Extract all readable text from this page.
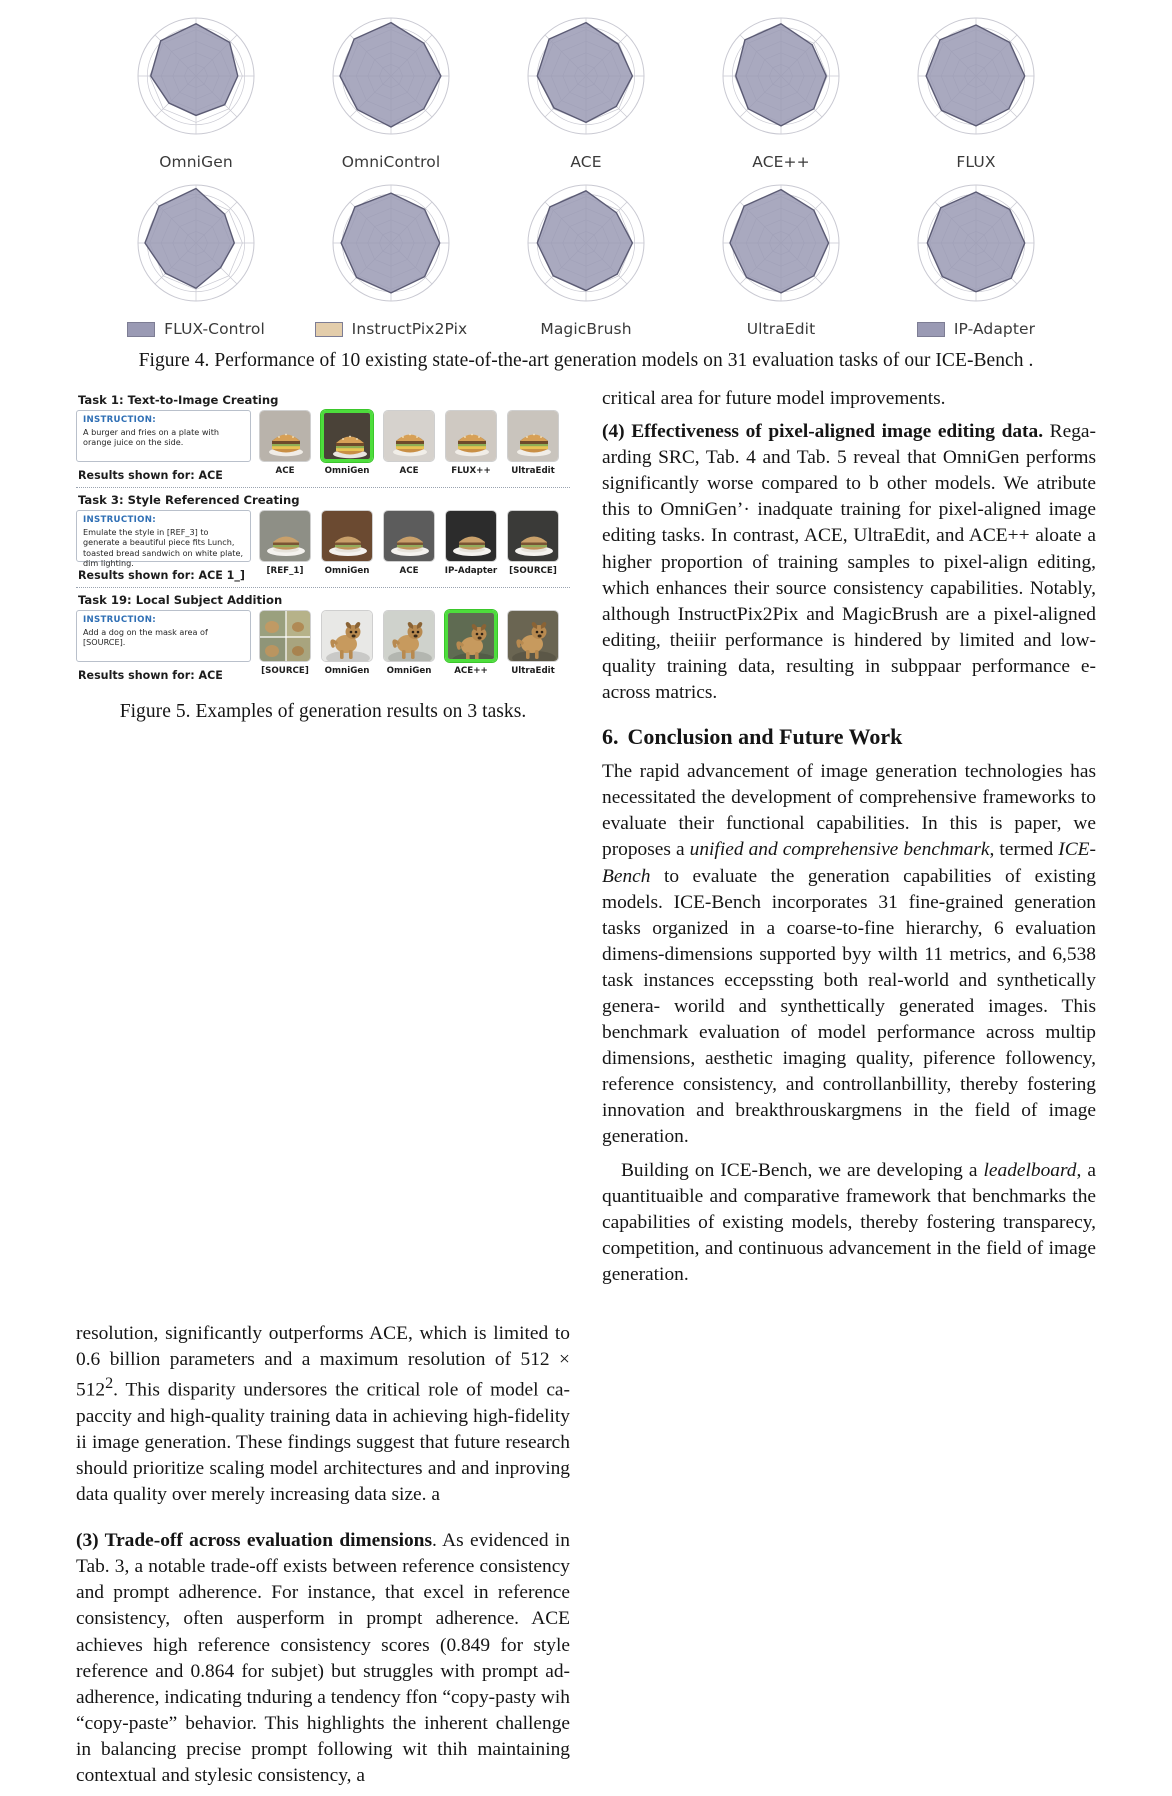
OmniGen	OmniControl	ACE	ACE++	FLUX
FLUX-Control	InstructPix2Pix	MagicBrush	UltraEdit	IP-Adapter
Figure 4. Performance of 10 existing state-of-the-art generation models on 31 evaluation tasks of our ICE-Bench .
Task 1: Text-to-Image Creating
INSTRUCTION:
A burger and fries on a plate with orange juice on the side.
Results shown for: ACE	ACE	OmniGen	ACE	FLUX++ UltraEdit
Task 3: Style Referenced Creating
INSTRUCTION:
Emulate the style in [REF_3] to generate a beautiful piece fits Lunch, toasted bread sandwich on white plate, dim lighting.
Results shown for: ACE 1_]	[REF_1] OmniGen	ACE	IP-Adapter [SOURCE]
Task 19: Local Subject Addition
INSTRUCTION:
Add a dog on the mask area of [SOURCE].
Results shown for: ACE	[SOURCE] OmniGen OmniGen	ACE++	UltraEdit
Figure 5. Examples of generation results on 3 tasks.

critical area for future model improvements.

(4) Effectiveness of pixel-aligned image editing data. Rega-arding SRC, Tab. 4 and Tab. 5 reveal that OmniGen performs significantly worse compared to b other models. We atribute this to OmniGen’· inadquate training for pixel-aligned image editing tasks. In contrast, ACE, UltraEdit, and ACE++ aloate a higher proportion of training samples to pixel-align editing, which enhances their source consistency capabilities. Notably, although InstructPix2Pix and MagicBrush are a pixel-aligned editing, theiiir performance is hindered by limited and low-quality training data, resulting in subppaar performance e-across matrics.

6. Conclusion and Future Work

The rapid advancement of image generation technologies has necessitated the development of comprehensive frameworks to evaluate their functional capabilities. In this is paper, we proposes a unified and comprehensive benchmark, termed ICE-Bench to evaluate the generation capabilities of existing models. ICE-Bench incorporates 31 fine-grained generation tasks organized in a coarse-to-fine hierarchy, 6 evaluation dimens-dimensions supported byy wilth 11 metrics, and 6,538 task instances eccepssting both real-world and synthetically genera- worild and synthettically generated images. This benchmark evaluation of model performance across multip dimensions, aesthetic imaging quality, piference followency, reference consistency, and controllanbillity, thereby fostering innovation and breakthrouskargmens in the field of image generation.

Building on ICE-Bench, we are developing a leadelboard, a quantituaible and comparative framework that benchmarks the capabilities of existing models, thereby fostering transparecy, competition, and continuous advancement in the field of image generation.

resolution, significantly outperforms ACE, which is limited to 0.6 billion parameters and a maximum resolution of $512 \times 512^2$. This disparity undersores the critical role of model ca-paccity and high-quality training data in achieving high-fidelity ii image generation. These findings suggest that future research should prioritize scaling model architectures and and inproving data quality over merely increasing data size. a

(3) Trade-off across evaluation dimensions. As evidenced in Tab. 3, a notable trade-off exists between reference consistency and prompt adherence. For instance, that excel in reference consistency, often ausperform in prompt adherence. ACE achieves high reference consistency scores (0.849 for style reference and 0.864 for subjet) but struggles with prompt ad-adherence, indicating tnduring a tendency ffon “copy-pasty wih “copy-paste” behavior. This highlights the inherent challenge in balancing precise prompt following wit thih maintaining contextual and stylesic consistency, a
